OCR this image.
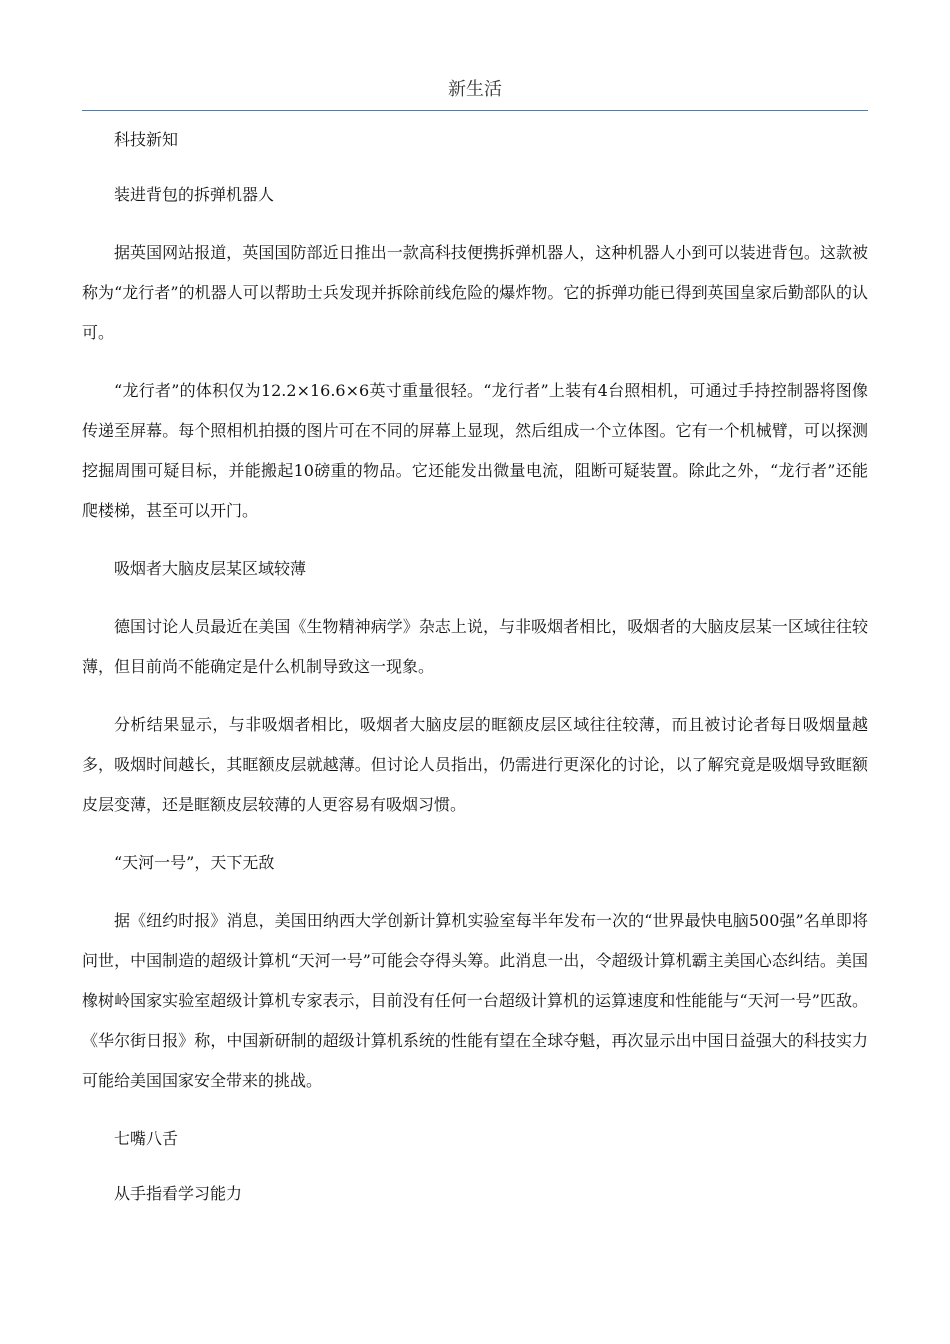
新生活
科技新知
装进背包的拆弹机器人

据英国网站报道，英国国防部近日推出一款高科技便携拆弹机器人，这种机器人小到可以装进背包。这款被称为“龙行者”的机器人可以帮助士兵发现并拆除前线危险的爆炸物。它的拆弹功能已得到英国皇家后勤部队的认可。

“龙行者”的体积仅为12.2×16.6×6英寸重量很轻。“龙行者”上装有4台照相机，可通过手持控制器将图像传递至屏幕。每个照相机拍摄的图片可在不同的屏幕上显现，然后组成一个立体图。它有一个机械臂，可以探测挖掘周围可疑目标，并能搬起10磅重的物品。它还能发出微量电流，阻断可疑装置。除此之外，“龙行者”还能爬楼梯，甚至可以开门。

吸烟者大脑皮层某区域较薄

德国讨论人员最近在美国《生物精神病学》杂志上说，与非吸烟者相比，吸烟者的大脑皮层某一区域往往较薄，但目前尚不能确定是什么机制导致这一现象。

分析结果显示，与非吸烟者相比，吸烟者大脑皮层的眶额皮层区域往往较薄，而且被讨论者每日吸烟量越多，吸烟时间越长，其眶额皮层就越薄。但讨论人员指出，仍需进行更深化的讨论，以了解究竟是吸烟导致眶额皮层变薄，还是眶额皮层较薄的人更容易有吸烟习惯。

“天河一号”，天下无敌

据《纽约时报》消息，美国田纳西大学创新计算机实验室每半年发布一次的“世界最快电脑500强”名单即将问世，中国制造的超级计算机“天河一号”可能会夺得头筹。此消息一出，令超级计算机霸主美国心态纠结。美国橡树岭国家实验室超级计算机专家表示，目前没有任何一台超级计算机的运算速度和性能能与“天河一号”匹敌。《华尔街日报》称，中国新研制的超级计算机系统的性能有望在全球夺魁，再次显示出中国日益强大的科技实力可能给美国国家安全带来的挑战。

七嘴八舌
从手指看学习能力
